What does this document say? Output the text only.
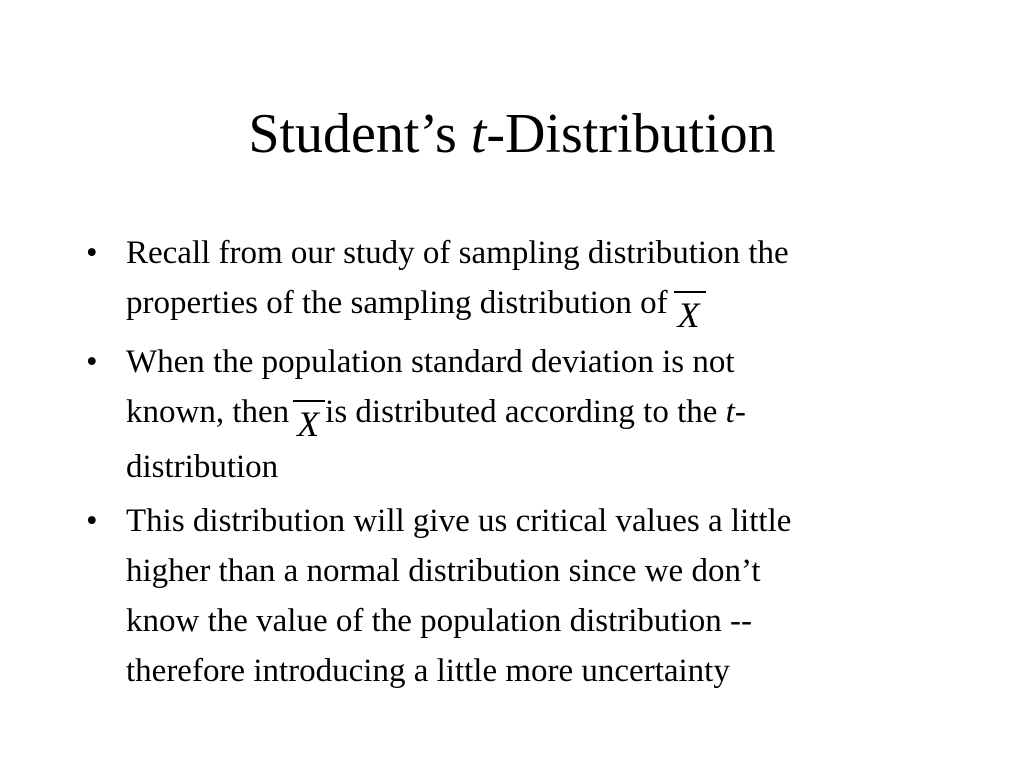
Student’s t-Distribution
• Recall from our study of sampling distribution the
properties of the sampling distribution of X
• When the population standard deviation is not
known, then X is distributed according to the t-
distribution
• This distribution will give us critical values a little
higher than a normal distribution since we don’t
know the value of the population distribution --
therefore introducing a little more uncertainty
